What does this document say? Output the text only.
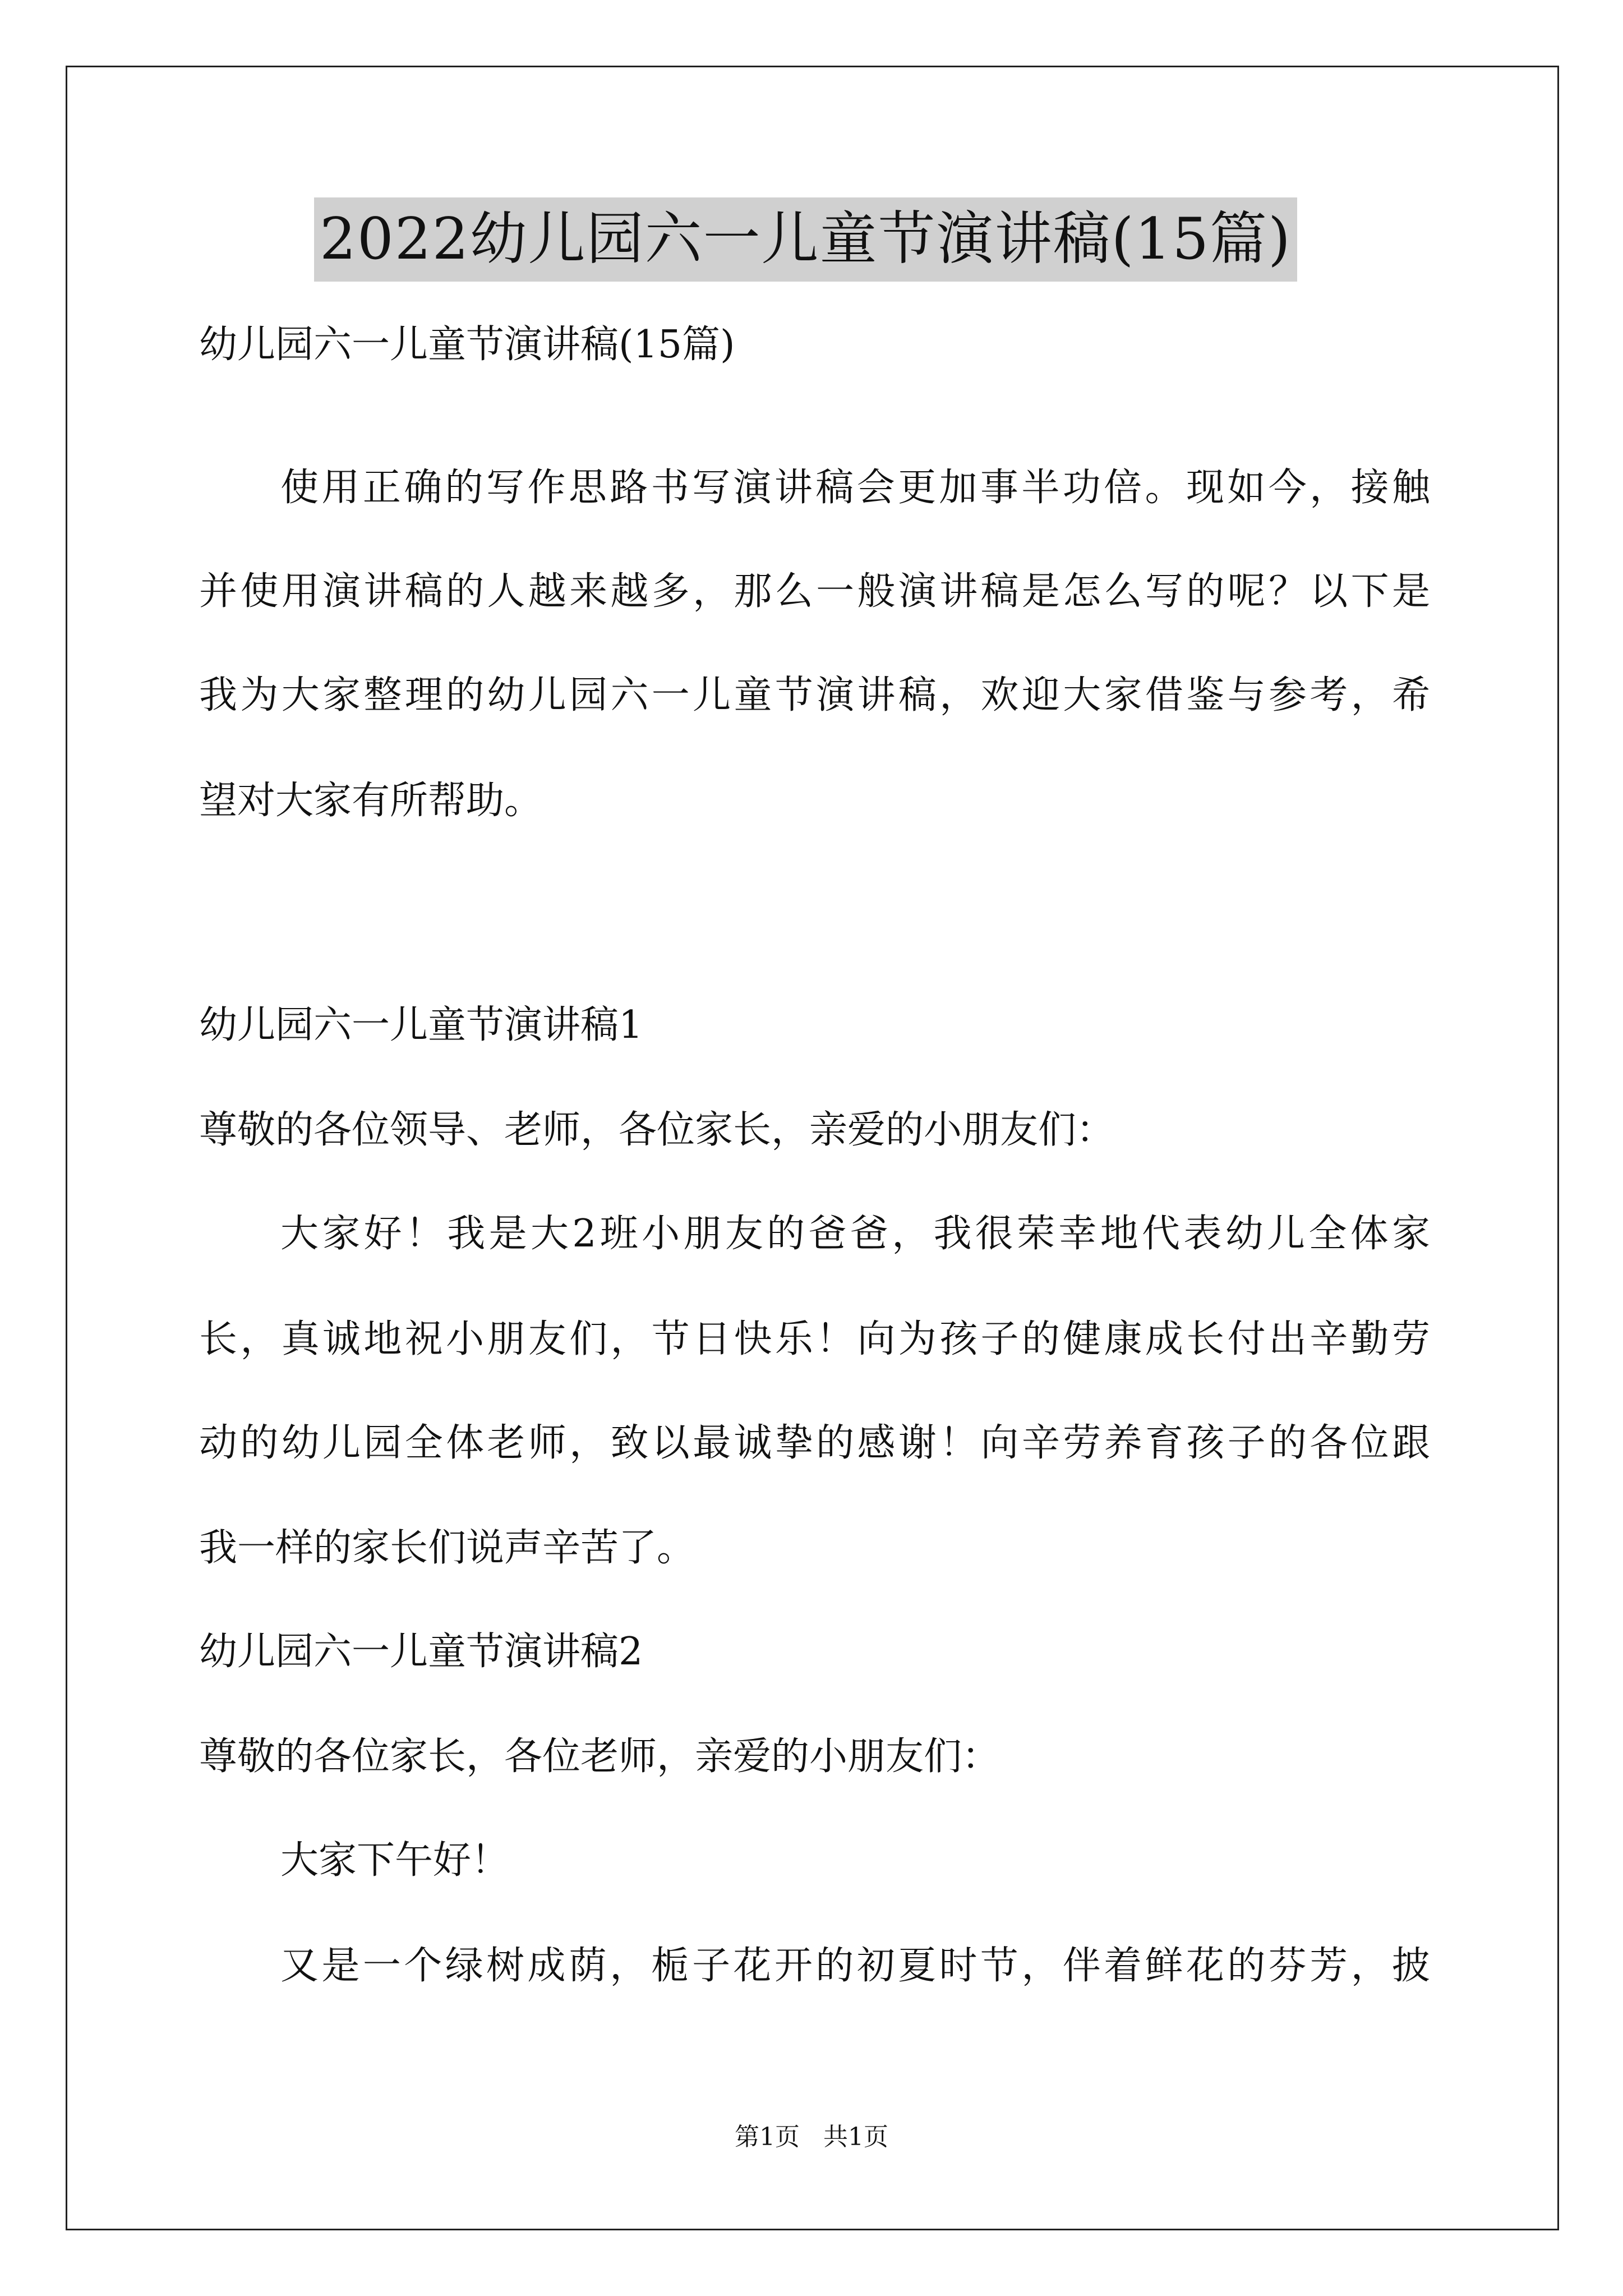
2022幼儿园六一儿童节演讲稿(15篇)
幼儿园六一儿童节演讲稿(15篇)
使用正确的写作思路书写演讲稿会更加事半功倍。现如今，接触
并使用演讲稿的人越来越多，那么一般演讲稿是怎么写的呢？以下是
我为大家整理的幼儿园六一儿童节演讲稿，欢迎大家借鉴与参考，希
望对大家有所帮助。
幼儿园六一儿童节演讲稿1
尊敬的各位领导、老师，各位家长，亲爱的小朋友们：
大家好！我是大2班小朋友的爸爸，我很荣幸地代表幼儿全体家
长，真诚地祝小朋友们，节日快乐！向为孩子的健康成长付出辛勤劳
动的幼儿园全体老师，致以最诚挚的感谢！向辛劳养育孩子的各位跟
我一样的家长们说声辛苦了。
幼儿园六一儿童节演讲稿2
尊敬的各位家长，各位老师，亲爱的小朋友们：
大家下午好！
又是一个绿树成荫，栀子花开的初夏时节，伴着鲜花的芬芳，披
第1页   共1页
